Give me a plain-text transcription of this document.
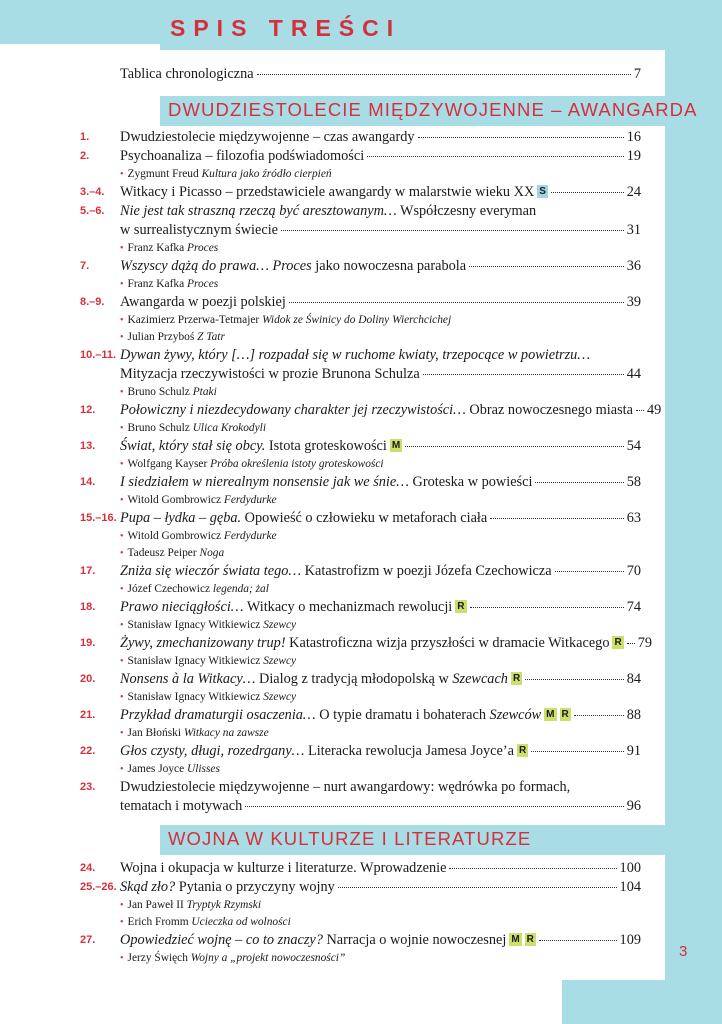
SPIS TREŚCI
DWUDZIESTOLECIE MIĘDZYWOJENNE – AWANGARDA
WOJNA W KULTURZE I LITERATURZE
Tablica chronologiczna	7
1. Dwudziestolecie międzywojenne – czas awangardy	16
2. Psychoanaliza – filozofia podświadomości	19
• Zygmunt Freud Kultura jako źródło cierpień
3.–4. Witkacy i Picasso – przedstawiciele awangardy w malarstwie wieku XX S	24
5.–6. Nie jest tak straszną rzeczą być aresztowanym… Współczesny everyman
w surrealistycznym świecie	31
• Franz Kafka Proces
7. Wszyscy dążą do prawa… Proces jako nowoczesna parabola	36
• Franz Kafka Proces
8.–9. Awangarda w poezji polskiej	39
• Kazimierz Przerwa-Tetmajer Widok ze Świnicy do Doliny Wierchcichej
• Julian Przyboś Z Tatr
10.–11. Dywan żywy, który […] rozpadał się w ruchome kwiaty, trzepocące w powietrzu…
Mityzacja rzeczywistości w prozie Brunona Schulza	44
• Bruno Schulz Ptaki
12. Połowiczny i niezdecydowany charakter jej rzeczywistości… Obraz nowoczesnego miasta 49
• Bruno Schulz Ulica Krokodyli
13. Świat, który stał się obcy. Istota groteskowości M	54
• Wolfgang Kayser Próba określenia istoty groteskowości
14. I siedziałem w nierealnym nonsensie jak we śnie… Groteska w powieści	58
• Witold Gombrowicz Ferdydurke
15.–16. Pupa – łydka – gęba. Opowieść o człowieku w metaforach ciała	63
• Witold Gombrowicz Ferdydurke
• Tadeusz Peiper Noga
17. Zniża się wieczór świata tego… Katastrofizm w poezji Józefa Czechowicza	70
• Józef Czechowicz legenda; żal
18. Prawo nieciągłości… Witkacy o mechanizmach rewolucji R	74
• Stanisław Ignacy Witkiewicz Szewcy
19. Żywy, zmechanizowany trup! Katastroficzna wizja przyszłości w dramacie Witkacego R 79
• Stanisław Ignacy Witkiewicz Szewcy
20. Nonsens à la Witkacy… Dialog z tradycją młodopolską w Szewcach R	84
• Stanisław Ignacy Witkiewicz Szewcy
21. Przykład dramaturgii osaczenia… O typie dramatu i bohaterach Szewców M R	88
• Jan Błoński Witkacy na zawsze
22. Głos czysty, długi, rozedrgany… Literacka rewolucja Jamesa Joyce’a R	91
• James Joyce Ulisses
23. Dwudziestolecie międzywojenne – nurt awangardowy: wędrówka po formach,
tematach i motywach	96
24. Wojna i okupacja w kulturze i literaturze. Wprowadzenie	100
25.–26. Skąd zło? Pytania o przyczyny wojny	104
• Jan Paweł II Tryptyk Rzymski
• Erich Fromm Ucieczka od wolności
27. Opowiedzieć wojnę – co to znaczy? Narracja o wojnie nowoczesnej M R	109
• Jerzy Święch Wojny a „projekt nowoczesności”	3
